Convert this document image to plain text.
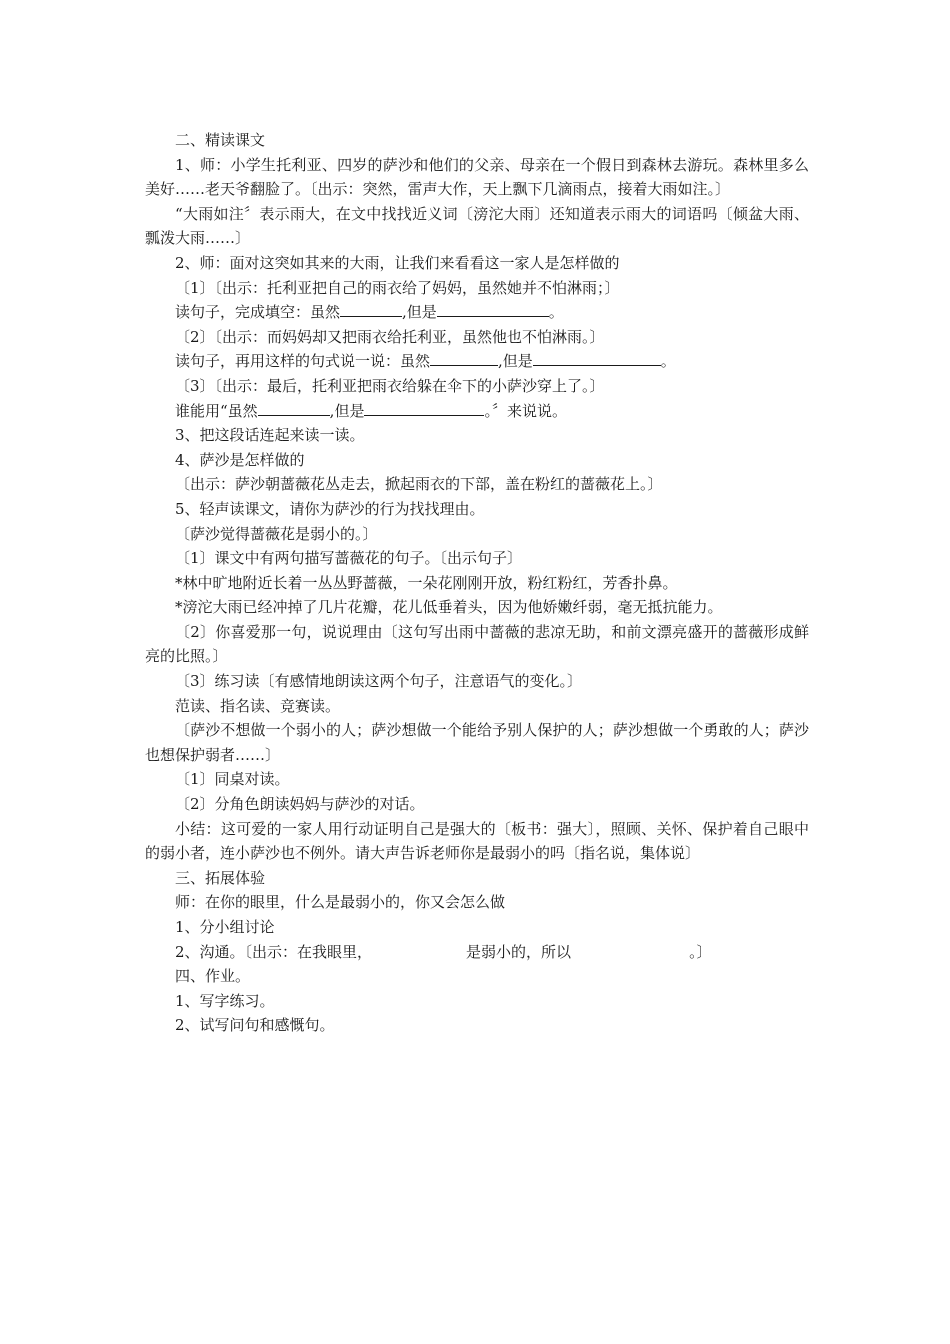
二、精读课文

1、师：小学生托利亚、四岁的萨沙和他们的父亲、母亲在一个假日到森林去游玩。森林里多么美好……老天爷翻脸了。〔出示：突然，雷声大作，天上飘下几滴雨点，接着大雨如注。〕

“大雨如注〞表示雨大，在文中找找近义词〔滂沱大雨〕还知道表示雨大的词语吗〔倾盆大雨、瓢泼大雨……〕

2、师：面对这突如其来的大雨，让我们来看看这一家人是怎样做的

〔1〕〔出示：托利亚把自己的雨衣给了妈妈，虽然她并不怕淋雨；〕

读句子，完成填空：虽然	,但是	。

〔2〕〔出示：而妈妈却又把雨衣给托利亚，虽然他也不怕淋雨。〕

读句子，再用这样的句式说一说：虽然	,但是	。

〔3〕〔出示：最后，托利亚把雨衣给躲在伞下的小萨沙穿上了。〕

谁能用“虽然	,但是	。〞来说说。

3、把这段话连起来读一读。

4、萨沙是怎样做的

〔出示：萨沙朝蔷薇花丛走去，掀起雨衣的下部，盖在粉红的蔷薇花上。〕

5、轻声读课文，请你为萨沙的行为找找理由。

〔萨沙觉得蔷薇花是弱小的。〕

〔1〕课文中有两句描写蔷薇花的句子。〔出示句子〕

*林中旷地附近长着一丛丛野蔷薇，一朵花刚刚开放，粉红粉红，芳香扑鼻。

*滂沱大雨已经冲掉了几片花瓣，花儿低垂着头，因为他娇嫩纤弱，毫无抵抗能力。

〔2〕你喜爱那一句，说说理由〔这句写出雨中蔷薇的悲凉无助，和前文漂亮盛开的蔷薇形成鲜亮的比照。〕

〔3〕练习读〔有感情地朗读这两个句子，注意语气的变化。〕

范读、指名读、竞赛读。

〔萨沙不想做一个弱小的人；萨沙想做一个能给予别人保护的人；萨沙想做一个勇敢的人；萨沙也想保护弱者……〕

〔1〕同桌对读。

〔2〕分角色朗读妈妈与萨沙的对话。

小结：这可爱的一家人用行动证明自己是强大的〔板书：强大〕，照顾、关怀、保护着自己眼中的弱小者，连小萨沙也不例外。请大声告诉老师你是最弱小的吗〔指名说，集体说〕

三、拓展体验

师：在你的眼里，什么是最弱小的，你又会怎么做

1、分小组讨论

2、沟通。〔出示：在我眼里，	是弱小的，所以	。〕

四、作业。

1、写字练习。

2、试写问句和感慨句。
